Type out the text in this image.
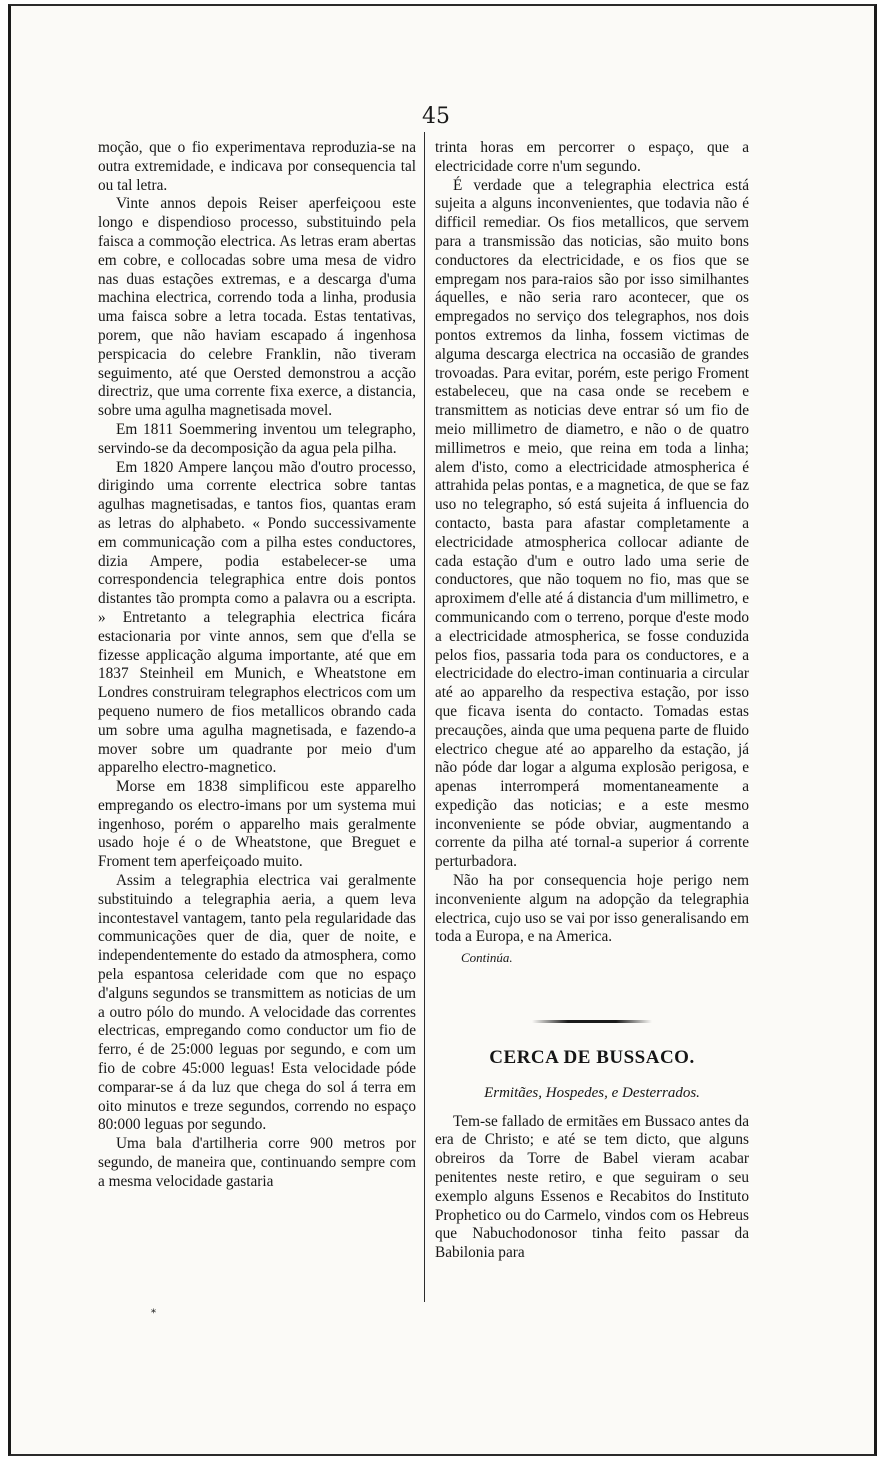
45

moção, que o fio experimentava reproduzia-se na outra extremidade, e indicava por consequencia tal ou tal letra.

Vinte annos depois Reiser aperfeiçoou este longo e dispendioso processo, substituindo pela faisca a commoção electrica. As letras eram abertas em cobre, e collocadas sobre uma mesa de vidro nas duas estações extremas, e a descarga d'uma machina electrica, correndo toda a linha, produsia uma faisca sobre a letra tocada. Estas tentativas, porem, que não haviam escapado á ingenhosa perspicacia do celebre Franklin, não tiveram seguimento, até que Oersted demonstrou a acção directriz, que uma corrente fixa exerce, a distancia, sobre uma agulha magnetisada movel.

Em 1811 Soemmering inventou um telegrapho, servindo-se da decomposição da agua pela pilha.

Em 1820 Ampere lançou mão d'outro processo, dirigindo uma corrente electrica sobre tantas agulhas magnetisadas, e tantos fios, quantas eram as letras do alphabeto. « Pondo successivamente em communicação com a pilha estes conductores, dizia Ampere, podia estabelecer-se uma correspondencia telegraphica entre dois pontos distantes tão prompta como a palavra ou a escripta. » Entretanto a telegraphia electrica ficára estacionaria por vinte annos, sem que d'ella se fizesse applicação alguma importante, até que em 1837 Steinheil em Munich, e Wheatstone em Londres construiram telegraphos electricos com um pequeno numero de fios metallicos obrando cada um sobre uma agulha magnetisada, e fazendo-a mover sobre um quadrante por meio d'um apparelho electro-magnetico.

Morse em 1838 simplificou este apparelho empregando os electro-imans por um systema mui ingenhoso, porém o apparelho mais geralmente usado hoje é o de Wheatstone, que Breguet e Froment tem aperfeiçoado muito.

Assim a telegraphia electrica vai geralmente substituindo a telegraphia aeria, a quem leva incontestavel vantagem, tanto pela regularidade das communicações quer de dia, quer de noite, e independentemente do estado da atmosphera, como pela espantosa celeridade com que no espaço d'alguns segundos se transmittem as noticias de um a outro pólo do mundo. A velocidade das correntes electricas, empregando como conductor um fio de ferro, é de 25:000 leguas por segundo, e com um fio de cobre 45:000 leguas! Esta velocidade póde comparar-se á da luz que chega do sol á terra em oito minutos e treze segundos, correndo no espaço 80:000 leguas por segundo.

Uma bala d'artilheria corre 900 metros por segundo, de maneira que, continuando sempre com a mesma velocidade gastaria

trinta horas em percorrer o espaço, que a electricidade corre n'um segundo.

É verdade que a telegraphia electrica está sujeita a alguns inconvenientes, que todavia não é difficil remediar. Os fios metallicos, que servem para a transmissão das noticias, são muito bons conductores da electricidade, e os fios que se empregam nos para-raios são por isso similhantes áquelles, e não seria raro acontecer, que os empregados no serviço dos telegraphos, nos dois pontos extremos da linha, fossem victimas de alguma descarga electrica na occasião de grandes trovoadas. Para evitar, porém, este perigo Froment estabeleceu, que na casa onde se recebem e transmittem as noticias deve entrar só um fio de meio millimetro de diametro, e não o de quatro millimetros e meio, que reina em toda a linha; alem d'isto, como a electricidade atmospherica é attrahida pelas pontas, e a magnetica, de que se faz uso no telegrapho, só está sujeita á influencia do contacto, basta para afastar completamente a electricidade atmospherica collocar adiante de cada estação d'um e outro lado uma serie de conductores, que não toquem no fio, mas que se aproximem d'elle até á distancia d'um millimetro, e communicando com o terreno, porque d'este modo a electricidade atmospherica, se fosse conduzida pelos fios, passaria toda para os conductores, e a electricidade do electro-iman continuaria a circular até ao apparelho da respectiva estação, por isso que ficava isenta do contacto. Tomadas estas precauções, ainda que uma pequena parte de fluido electrico chegue até ao apparelho da estação, já não póde dar logar a alguma explosão perigosa, e apenas interromperá momentaneamente a expedição das noticias; e a este mesmo inconveniente se póde obviar, augmentando a corrente da pilha até tornal-a superior á corrente perturbadora.

Não ha por consequencia hoje perigo nem inconveniente algum na adopção da telegraphia electrica, cujo uso se vai por isso generalisando em toda a Europa, e na America.

Continúa.
CERCA DE BUSSACO.
Ermitães, Hospedes, e Desterrados.

Tem-se fallado de ermitães em Bussaco antes da era de Christo; e até se tem dicto, que alguns obreiros da Torre de Babel vieram acabar penitentes neste retiro, e que seguiram o seu exemplo alguns Essenos e Recabitos do Instituto Prophetico ou do Carmelo, vindos com os Hebreus que Nabuchodonosor tinha feito passar da Babilonia para

*
